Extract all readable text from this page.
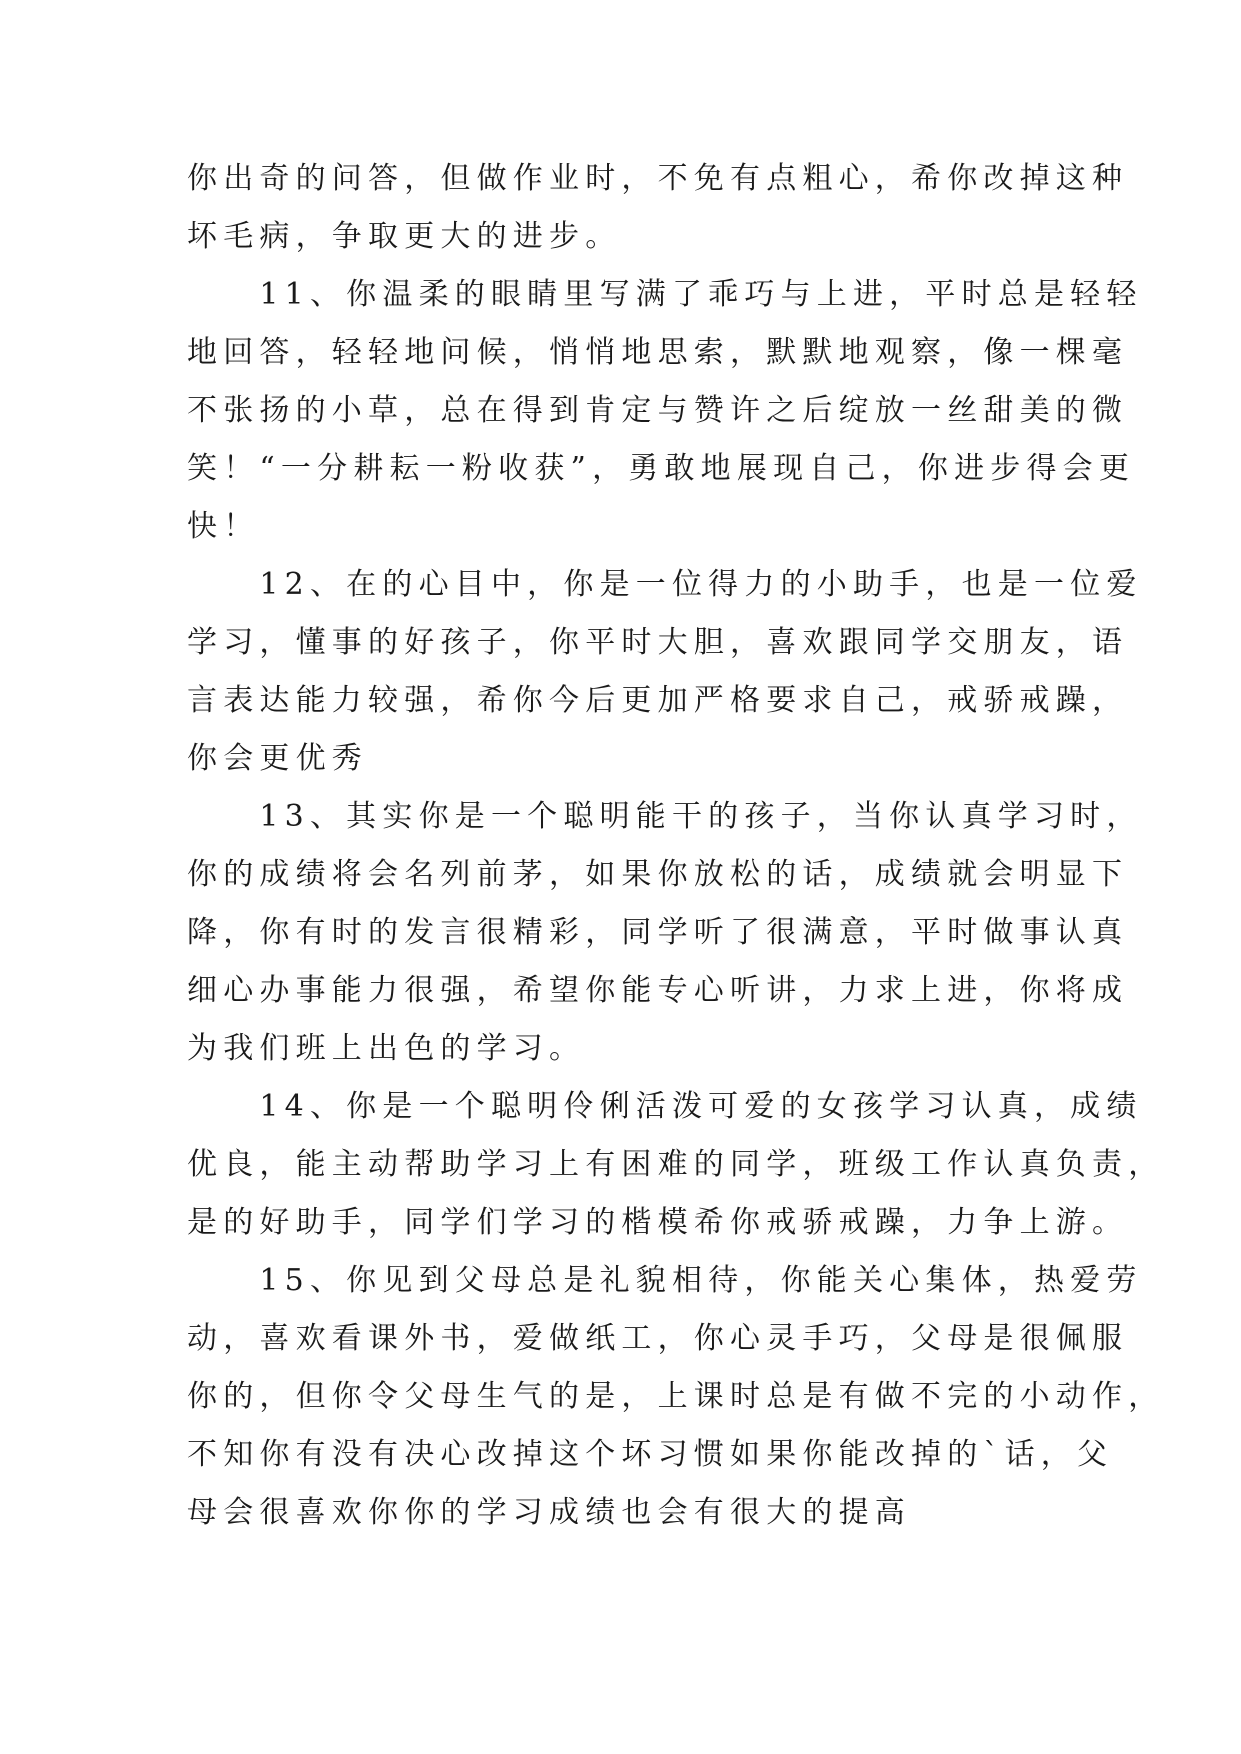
你出奇的问答，但做作业时，不免有点粗心，希你改掉这种
坏毛病，争取更大的进步。
　　11、你温柔的眼睛里写满了乖巧与上进，平时总是轻轻
地回答，轻轻地问候，悄悄地思索，默默地观察，像一棵毫
不张扬的小草，总在得到肯定与赞许之后绽放一丝甜美的微
笑！“一分耕耘一粉收获”，勇敢地展现自己，你进步得会更
快！
　　12、在的心目中，你是一位得力的小助手，也是一位爱
学习，懂事的好孩子，你平时大胆，喜欢跟同学交朋友，语
言表达能力较强，希你今后更加严格要求自己，戒骄戒躁，
你会更优秀
　　13、其实你是一个聪明能干的孩子，当你认真学习时，
你的成绩将会名列前茅，如果你放松的话，成绩就会明显下
降，你有时的发言很精彩，同学听了很满意，平时做事认真
细心办事能力很强，希望你能专心听讲，力求上进，你将成
为我们班上出色的学习。
　　14、你是一个聪明伶俐活泼可爱的女孩学习认真，成绩
优良，能主动帮助学习上有困难的同学，班级工作认真负责，
是的好助手，同学们学习的楷模希你戒骄戒躁，力争上游。
　　15、你见到父母总是礼貌相待，你能关心集体，热爱劳
动，喜欢看课外书，爱做纸工，你心灵手巧，父母是很佩服
你的，但你令父母生气的是，上课时总是有做不完的小动作，
不知你有没有决心改掉这个坏习惯如果你能改掉的`话，父
母会很喜欢你你的学习成绩也会有很大的提高
